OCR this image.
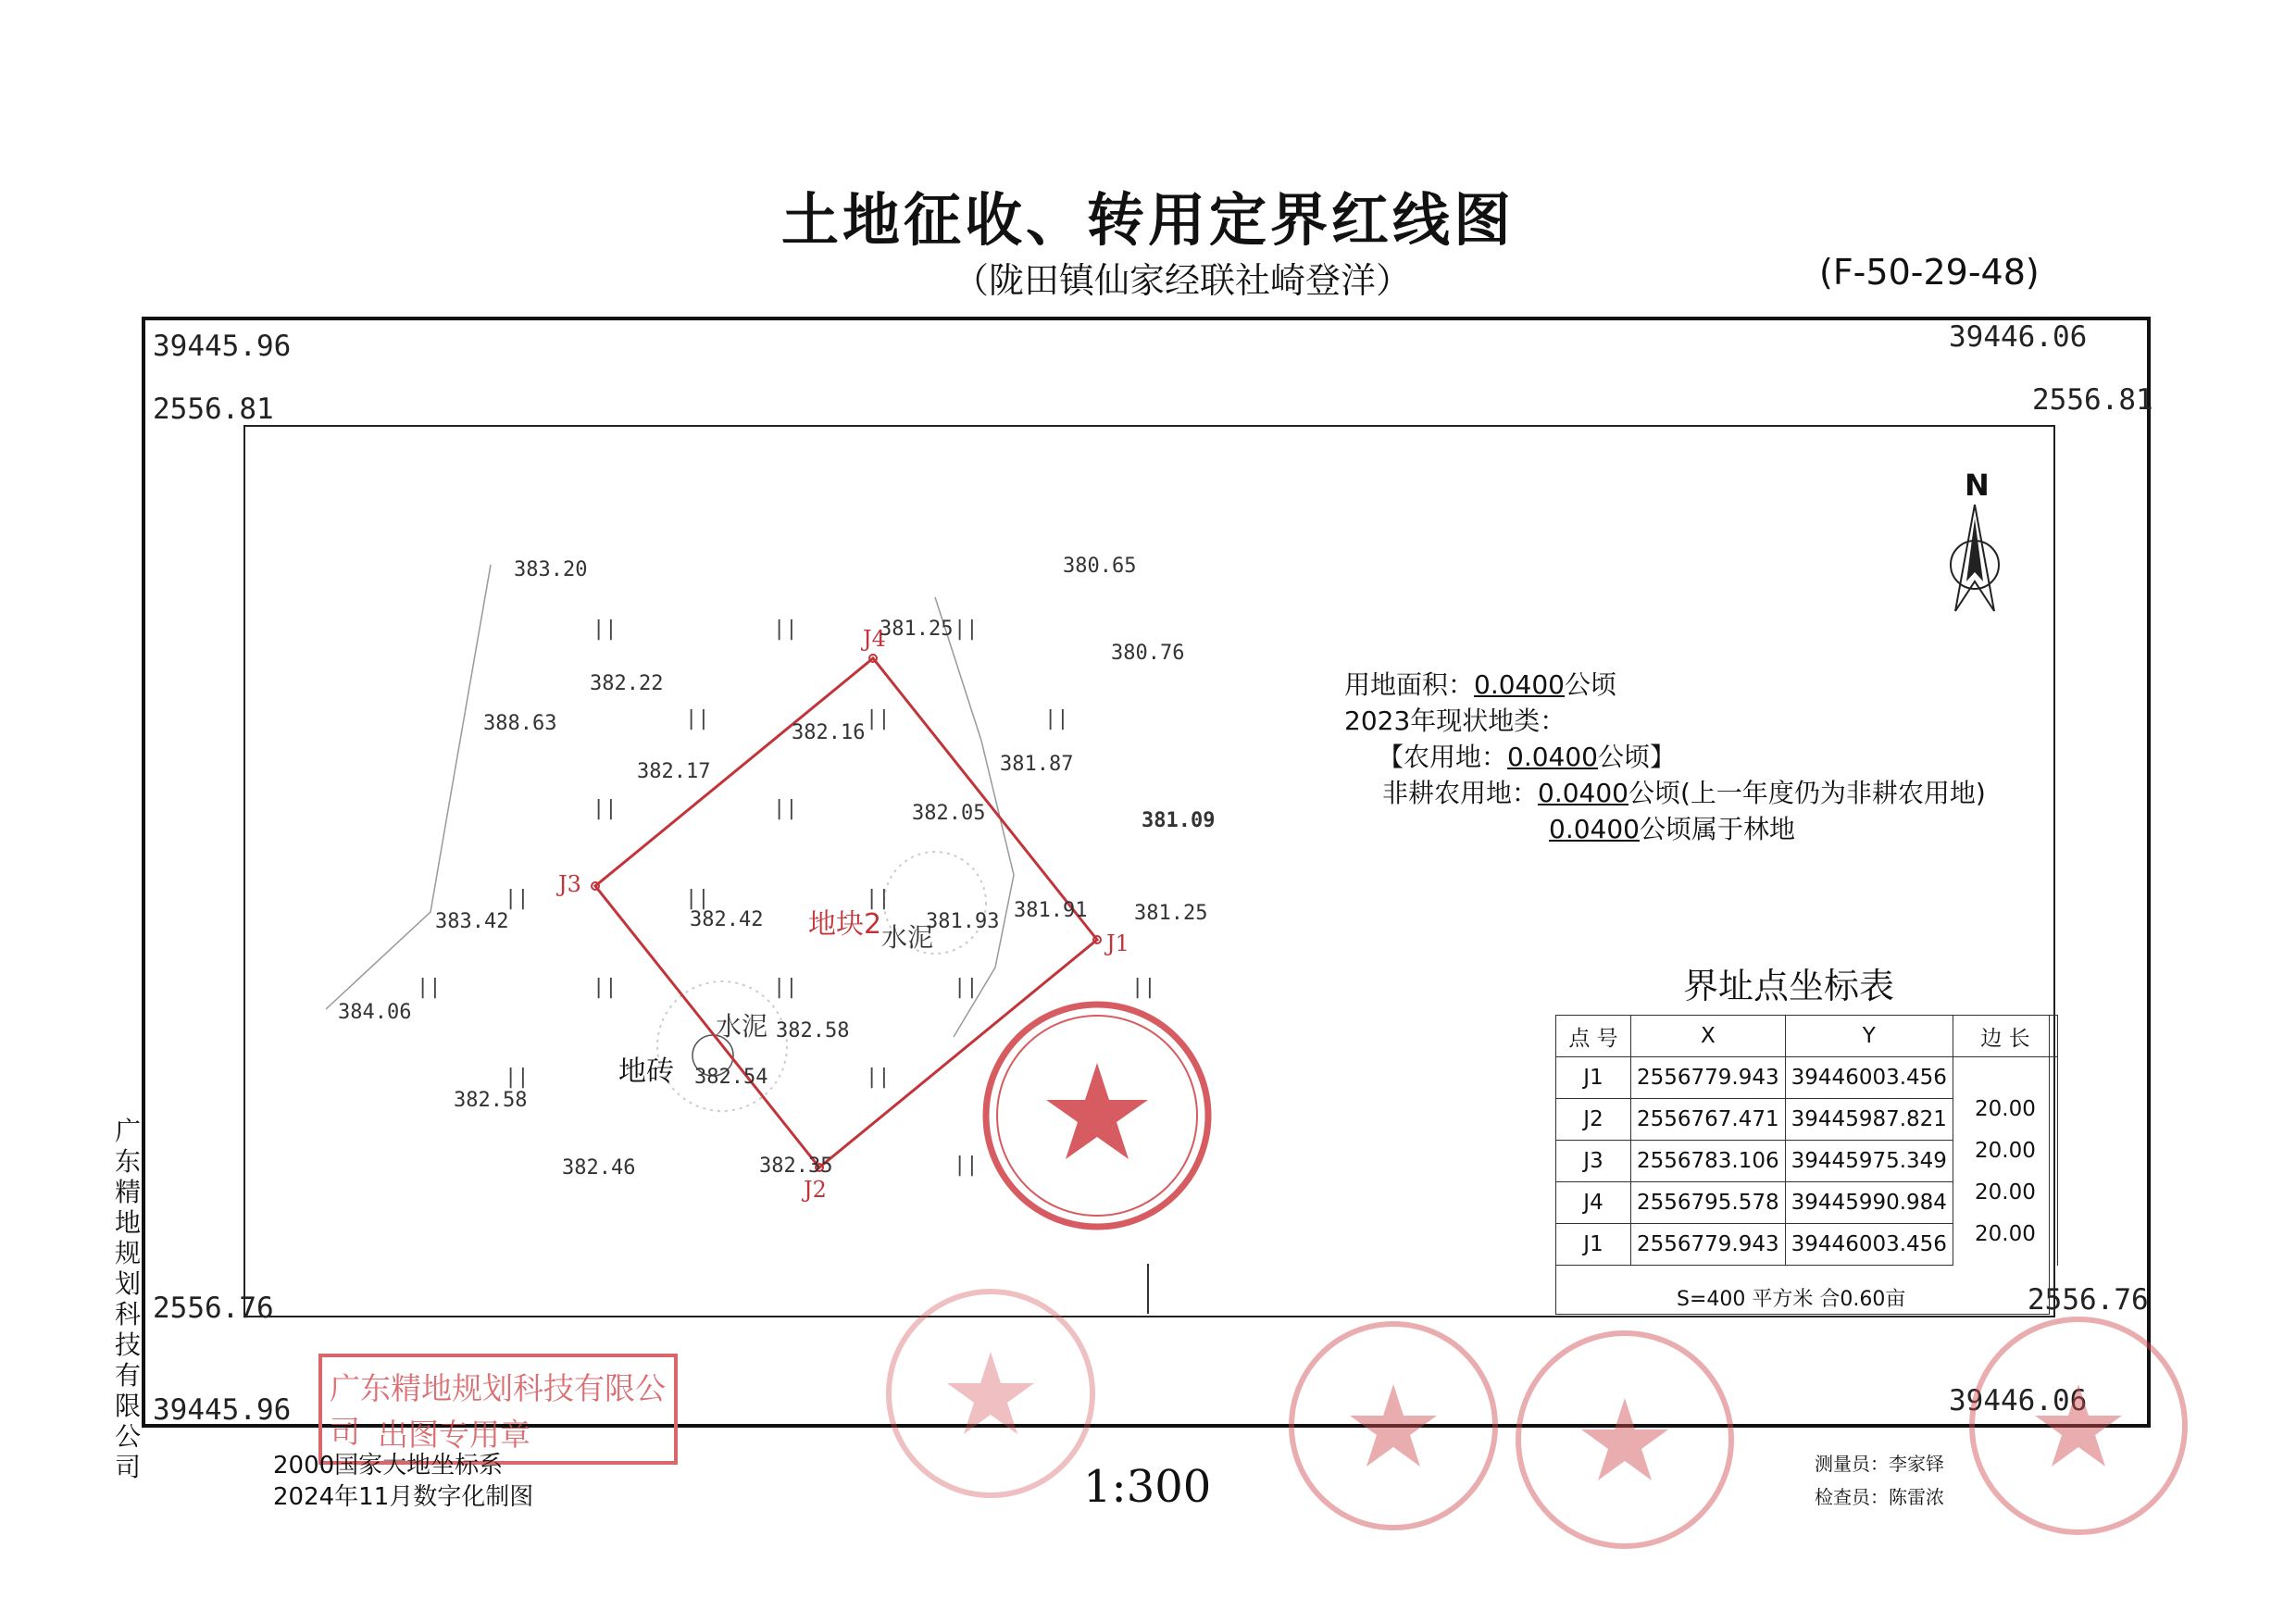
土地征收、转用定界红线图
（陇田镇仙家经联社崎登洋）	(F-50-29-48)
39445.96
2556.81
39446.06
2556.81
2556.76
39445.96
2556.76
39446.06
广东精地规划科技有限公司
J1
J2
J3
J4
地块2
383.20	380.65
381.25
380.76
382.22
388.63	382.16
381.87
382.17
382.05	381.09
383.42	382.42	381.93 381.91 381.25
384.06
382.58
382.58
382.54
382.46	382.35
水泥
水泥
地砖
||	||	||
||	||	||
||	||
||	||	||
||	||	||	||	||
||	||
||
N
用地面积：0.0400公顷
2023年现状地类：
【农用地：0.0400公顷】
非耕农用地：0.0400公顷(上一年度仍为非耕农用地)
0.0400公顷属于林地
界址点坐标表
点 号	X	Y	边 长
J1	2556779.943	39446003.456	20.00
J2	2556767.471	39445987.821	20.00
J3	2556783.106	39445975.349	20.00
J4	2556795.578	39445990.984	20.00
J1	2556779.943	39446003.456	
S=400 平方米 合0.60亩
广东精地规划科技有限公司 出图专用章
2000国家大地坐标系
2024年11月数字化制图	1:300	测量员：李家铎
检查员：陈雷浓
